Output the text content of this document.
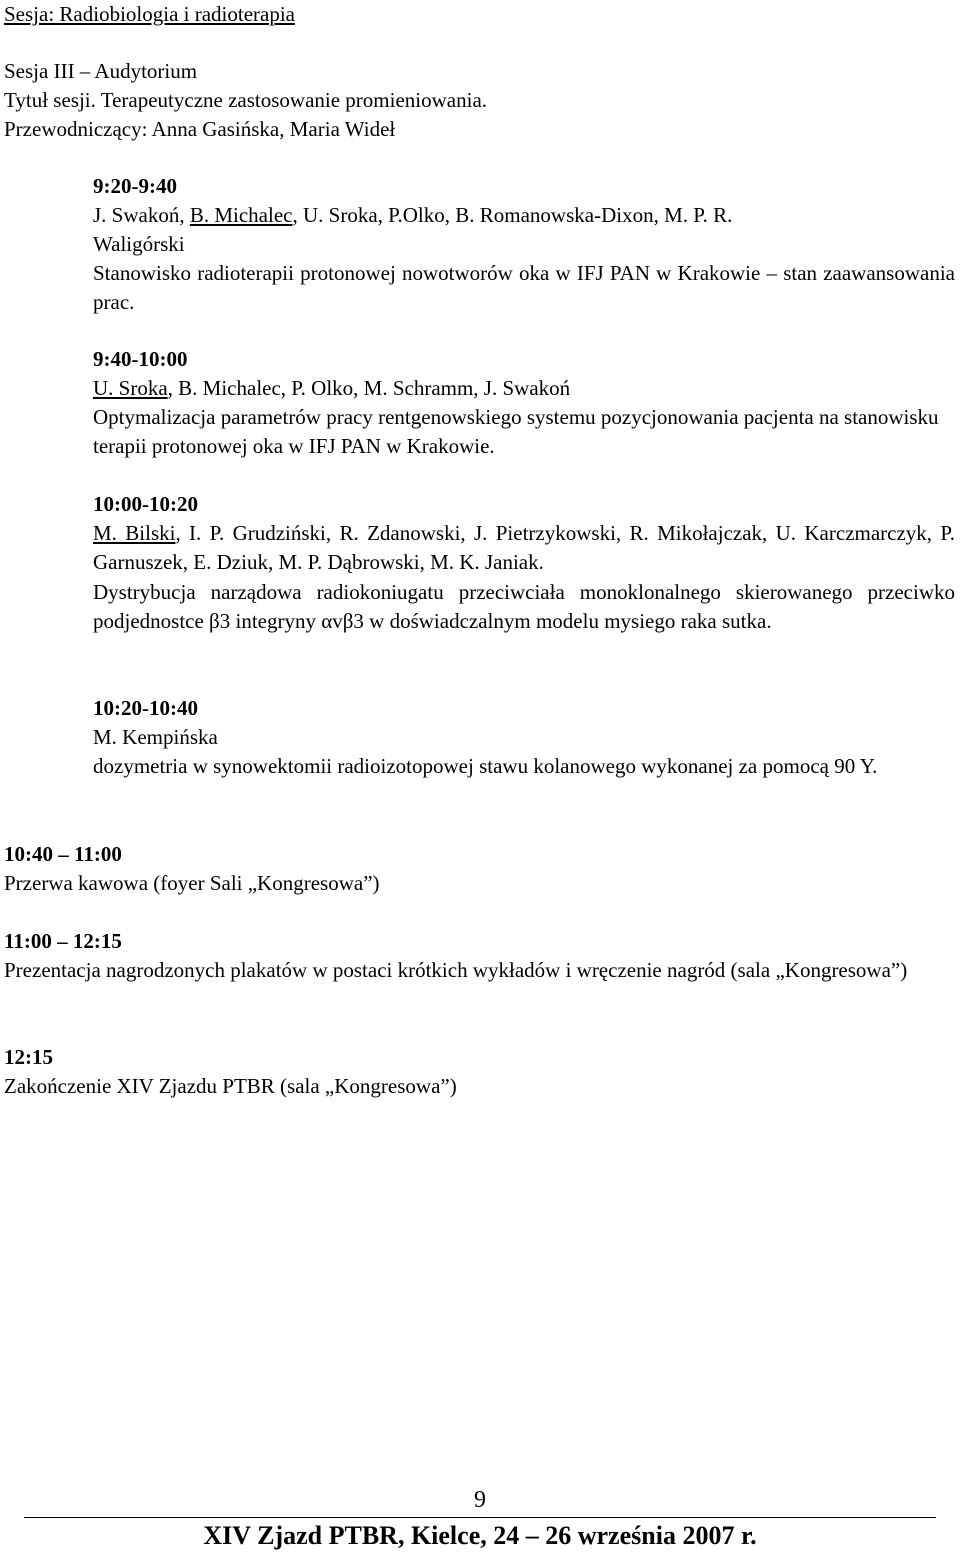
Sesja: Radiobiologia i radioterapia
Sesja III – Audytorium
Tytuł sesji. Terapeutyczne zastosowanie promieniowania.
Przewodniczący: Anna Gasińska, Maria Wideł
9:20-9:40
J. Swakoń, B. Michalec, U. Sroka, P.Olko, B. Romanowska-Dixon, M. P. R.
Waligórski
Stanowisko radioterapii protonowej nowotworów oka w IFJ PAN w Krakowie – stan zaawansowania prac.
9:40-10:00
U. Sroka, B. Michalec, P. Olko, M. Schramm, J. Swakoń
Optymalizacja parametrów pracy rentgenowskiego systemu pozycjonowania pacjenta na stanowisku terapii protonowej oka w IFJ PAN w Krakowie.
10:00-10:20
M. Bilski, I. P. Grudziński, R. Zdanowski, J. Pietrzykowski, R. Mikołajczak, U. Karczmarczyk, P. Garnuszek, E. Dziuk, M. P. Dąbrowski, M. K. Janiak.
Dystrybucja narządowa radiokoniugatu przeciwciała monoklonalnego skierowanego przeciwko podjednostce β3 integryny αvβ3 w doświadczalnym modelu mysiego raka sutka.
10:20-10:40
M. Kempińska
dozymetria w synowektomii radioizotopowej stawu kolanowego wykonanej za pomocą 90 Y.
10:40 – 11:00
Przerwa kawowa (foyer Sali „Kongresowa”)
11:00 – 12:15
Prezentacja nagrodzonych plakatów w postaci krótkich wykładów i wręczenie nagród (sala „Kongresowa”)
12:15
Zakończenie XIV Zjazdu PTBR (sala „Kongresowa”)
9
XIV Zjazd PTBR, Kielce, 24 – 26 września 2007 r.
